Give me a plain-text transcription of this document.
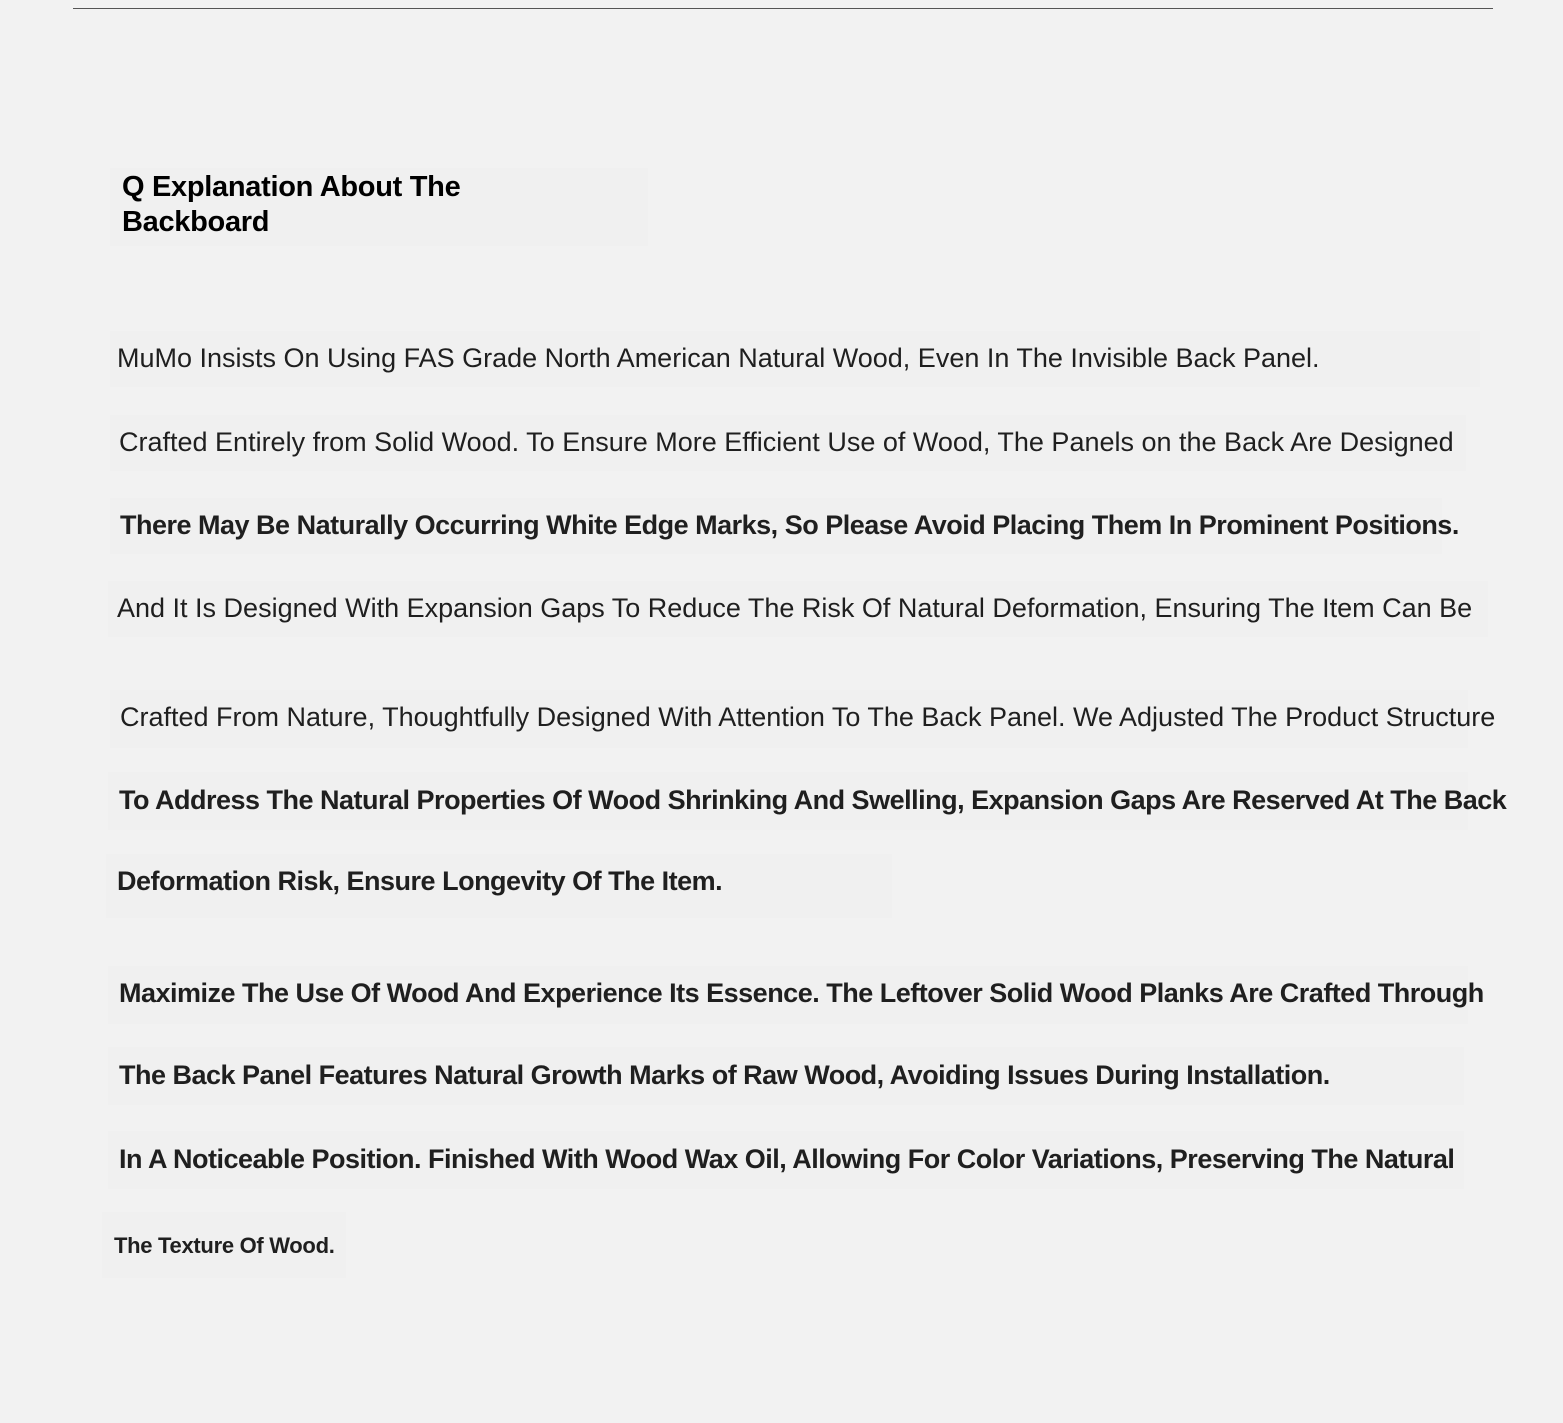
Q Explanation About The
Backboard
MuMo Insists On Using FAS Grade North American Natural Wood, Even In The Invisible Back Panel.
Crafted Entirely from Solid Wood. To Ensure More Efficient Use of Wood, The Panels on the Back Are Designed
There May Be Naturally Occurring White Edge Marks, So Please Avoid Placing Them In Prominent Positions.
And It Is Designed With Expansion Gaps To Reduce The Risk Of Natural Deformation, Ensuring The Item Can Be
Crafted From Nature, Thoughtfully Designed With Attention To The Back Panel. We Adjusted The Product Structure
To Address The Natural Properties Of Wood Shrinking And Swelling, Expansion Gaps Are Reserved At The Back
Deformation Risk, Ensure Longevity Of The Item.
Maximize The Use Of Wood And Experience Its Essence. The Leftover Solid Wood Planks Are Crafted Through
The Back Panel Features Natural Growth Marks of Raw Wood, Avoiding Issues During Installation.
In A Noticeable Position. Finished With Wood Wax Oil, Allowing For Color Variations, Preserving The Natural
The Texture Of Wood.
